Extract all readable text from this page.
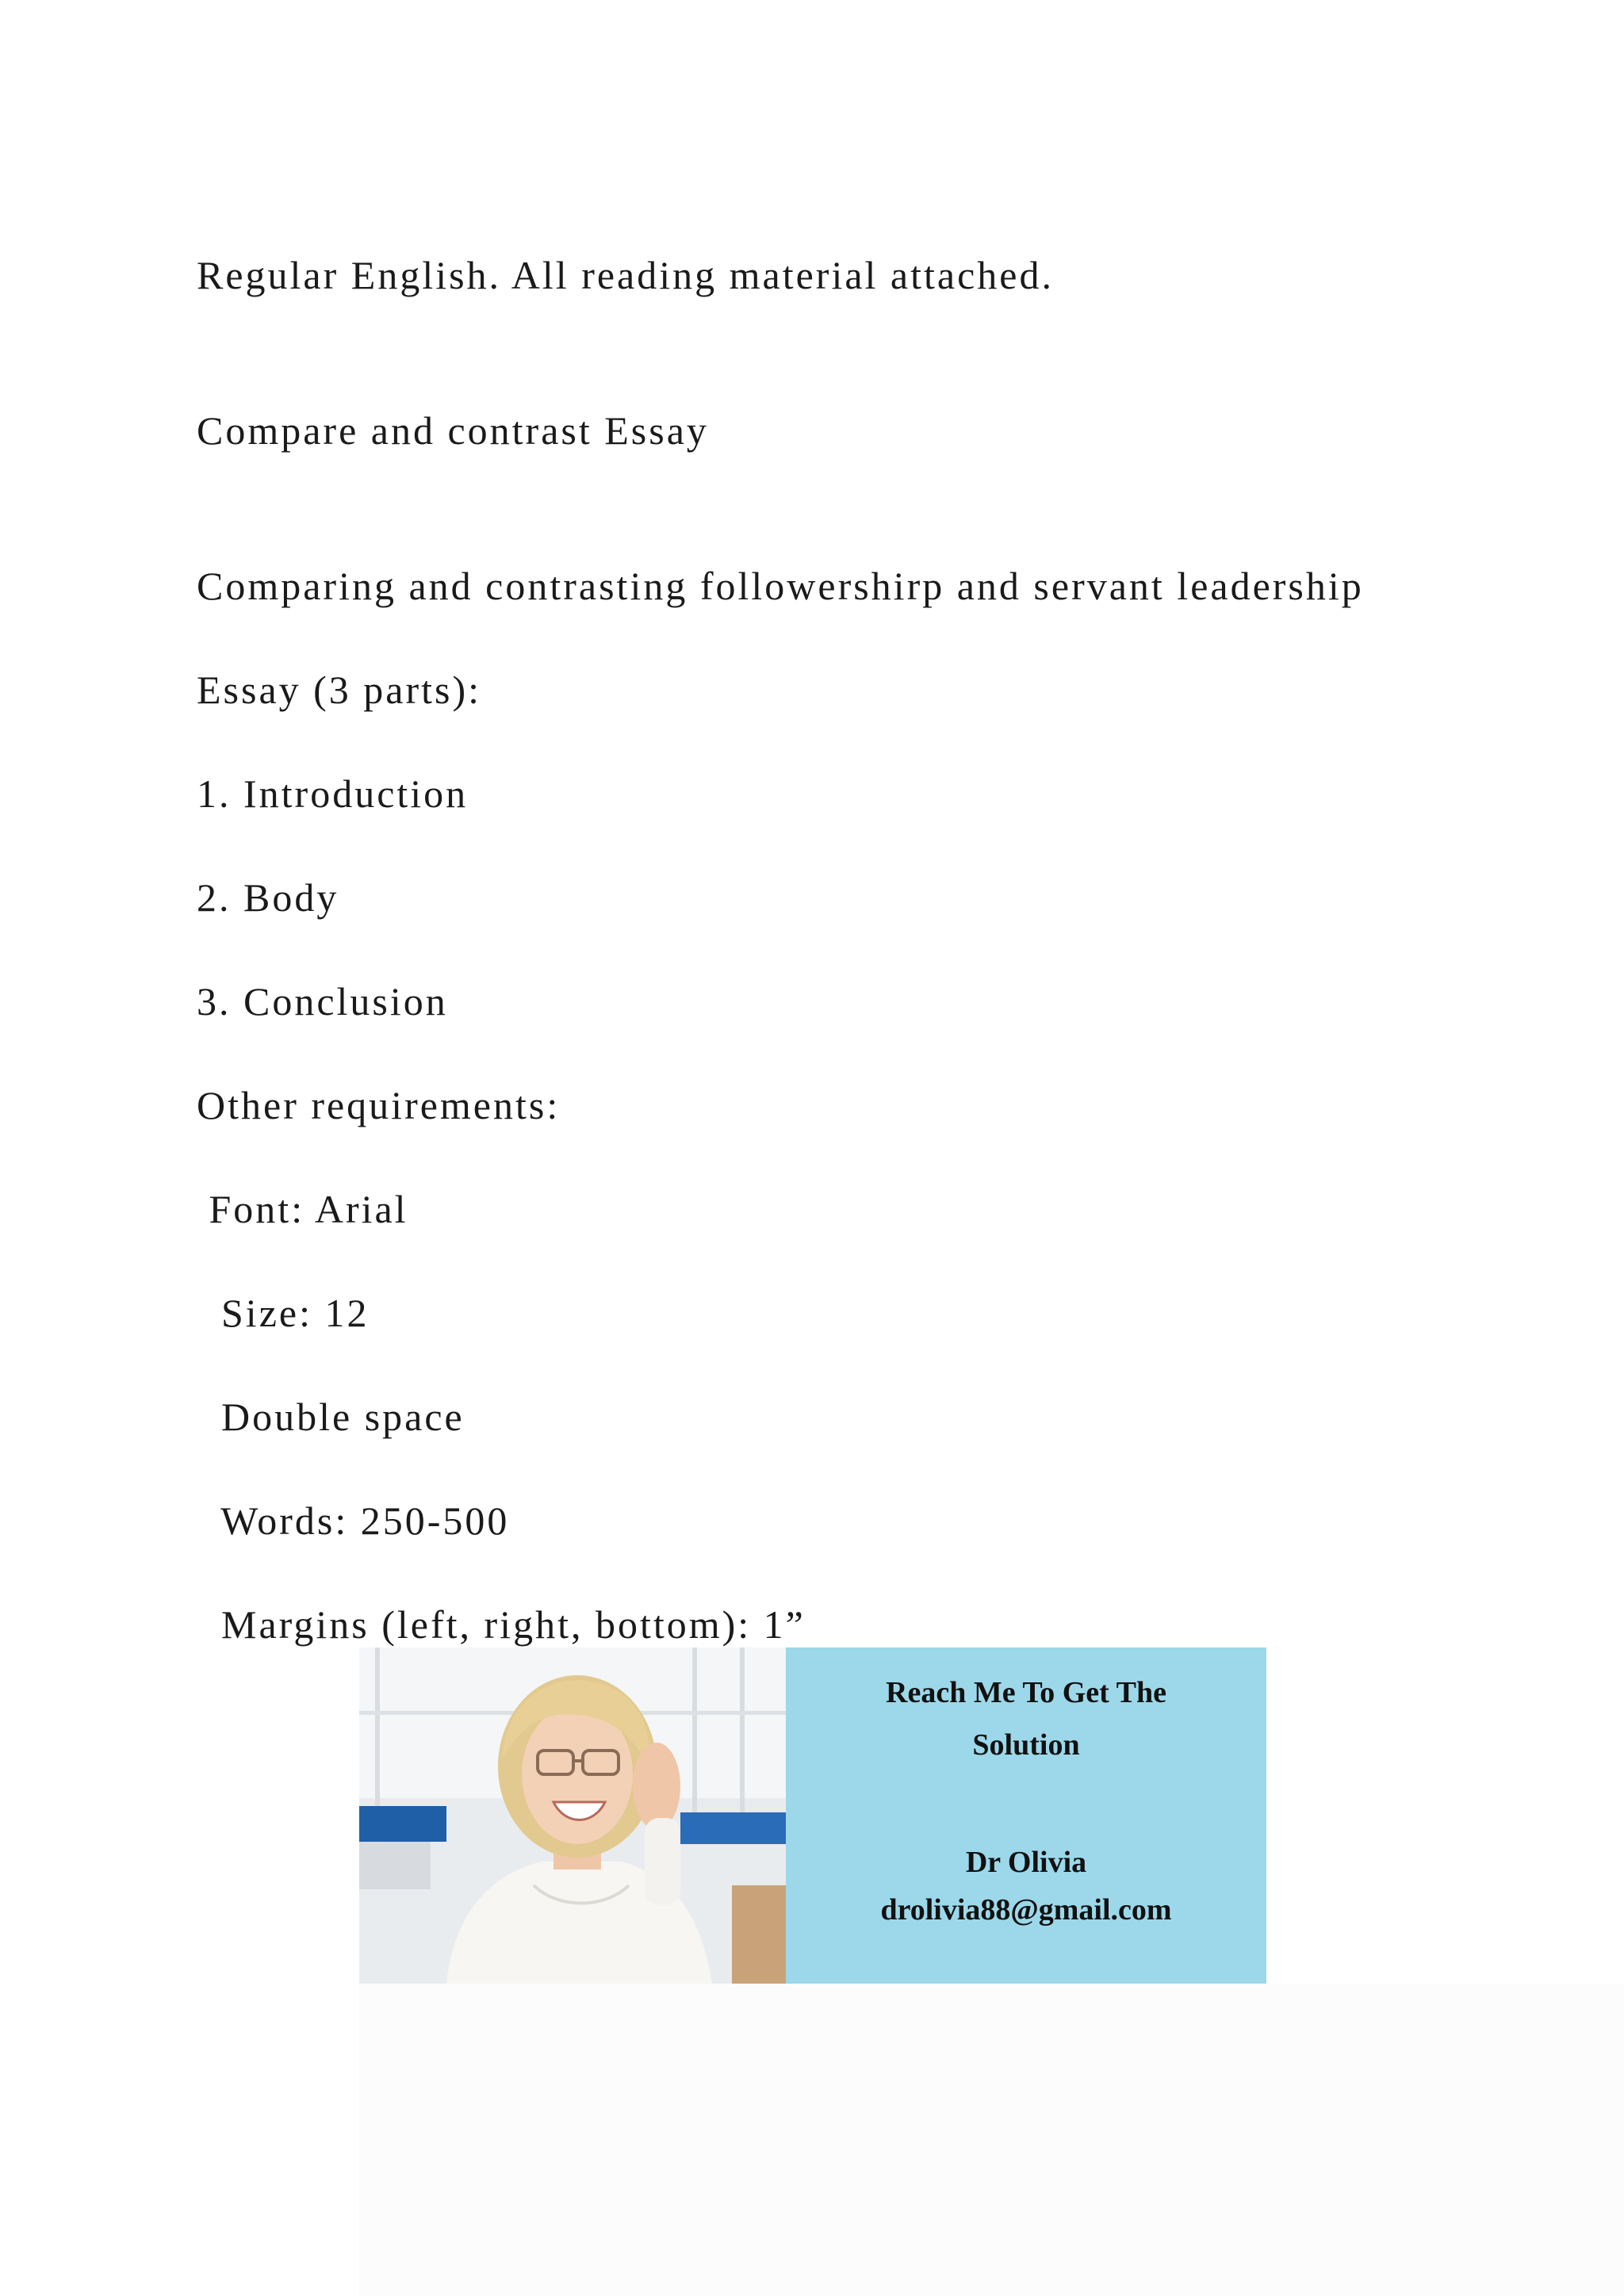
Regular English. All reading material attached.
Compare and contrast Essay
Comparing and contrasting followershirp and servant leadership
Essay (3 parts):
1. Introduction
2. Body
3. Conclusion
Other requirements:
Font: Arial
Size: 12
Double space
Words: 250-500
Margins (left, right, bottom): 1”
Reach Me To Get The
Solution
Dr Olivia
drolivia88@gmail.com
